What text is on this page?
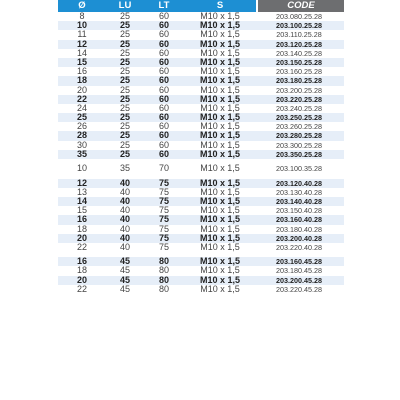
Ø	LU	LT	S	CODE
8	25	60	M10 x 1,5	203.080.25.28
10	25	60	M10 x 1,5	203.100.25.28
11	25	60	M10 x 1,5	203.110.25.28
12	25	60	M10 x 1,5	203.120.25.28
14	25	60	M10 x 1,5	203.140.25.28
15	25	60	M10 x 1,5	203.150.25.28
16	25	60	M10 x 1,5	203.160.25.28
18	25	60	M10 x 1,5	203.180.25.28
20	25	60	M10 x 1,5	203.200.25.28
22	25	60	M10 x 1,5	203.220.25.28
24	25	60	M10 x 1,5	203.240.25.28
25	25	60	M10 x 1,5	203.250.25.28
26	25	60	M10 x 1,5	203.260.25.28
28	25	60	M10 x 1,5	203.280.25.28
30	25	60	M10 x 1,5	203.300.25.28
35	25	60	M10 x 1,5	203.350.25.28
10	35	70	M10 x 1,5	203.100.35.28
12	40	75	M10 x 1,5	203.120.40.28
13	40	75	M10 x 1,5	203.130.40.28
14	40	75	M10 x 1,5	203.140.40.28
15	40	75	M10 x 1,5	203.150.40.28
16	40	75	M10 x 1,5	203.160.40.28
18	40	75	M10 x 1,5	203.180.40.28
20	40	75	M10 x 1,5	203.200.40.28
22	40	75	M10 x 1,5	203.220.40.28
16	45	80	M10 x 1,5	203.160.45.28
18	45	80	M10 x 1,5	203.180.45.28
20	45	80	M10 x 1,5	203.200.45.28
22	45	80	M10 x 1,5	203.220.45.28
